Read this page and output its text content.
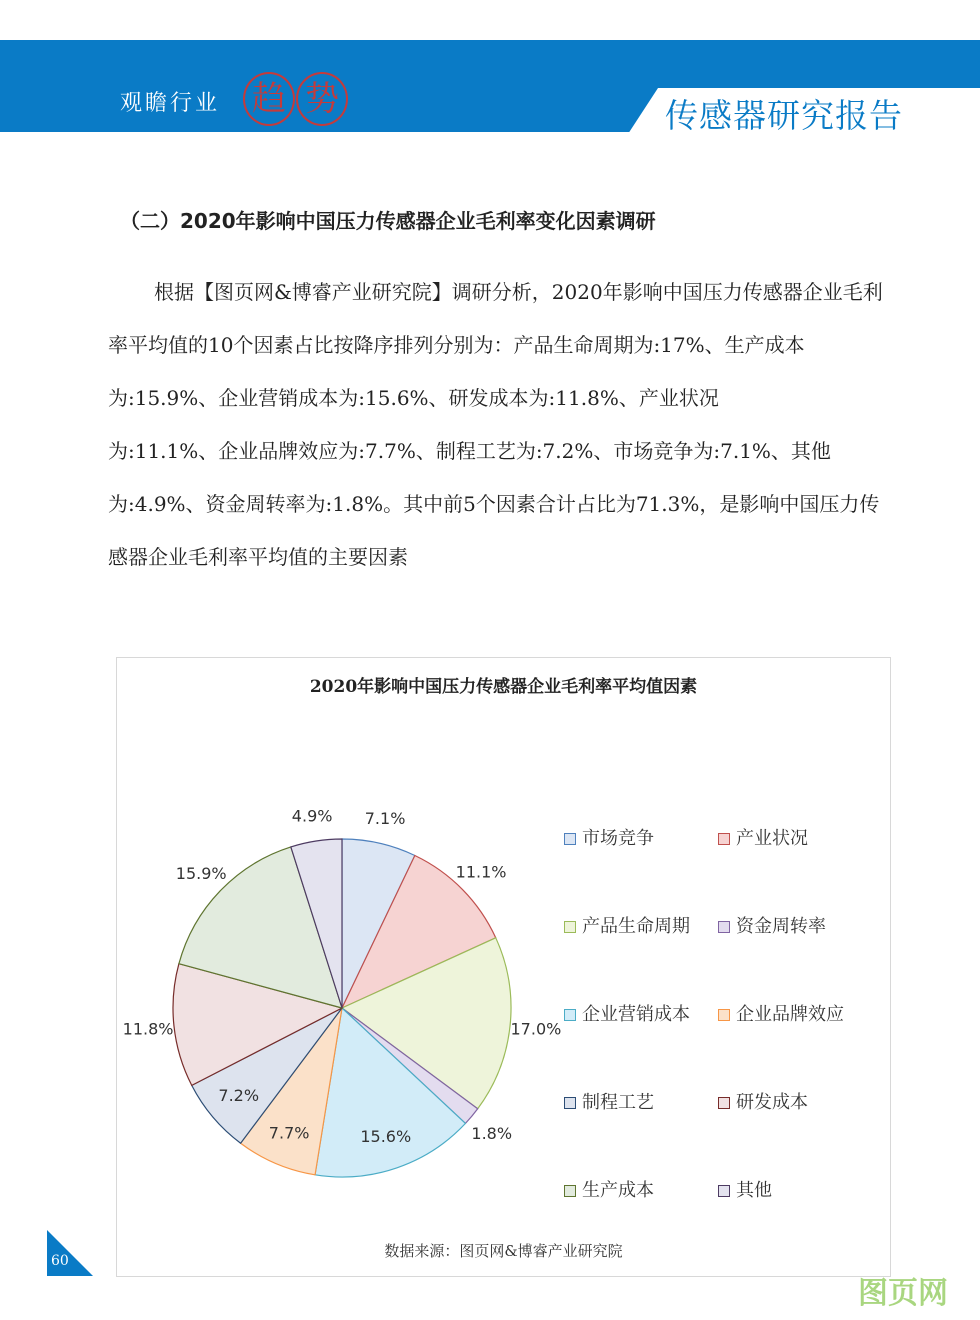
观瞻行业 趋 势	传感器研究报告
（二）2020年影响中国压力传感器企业毛利率变化因素调研

根据【图页网&博睿产业研究院】调研分析，2020年影响中国压力传感器企业毛利率平均值的10个因素占比按降序排列分别为：产品生命周期为:17%、生产成本为:15.9%、企业营销成本为:15.6%、研发成本为:11.8%、产业状况

为:11.1%、企业品牌效应为:7.7%、制程工艺为:7.2%、市场竞争为:7.1%、其他为:4.9%、资金周转率为:1.8%。其中前5个因素合计占比为71.3%，是影响中国压力传感器企业毛利率平均值的主要因素

2020年影响中国压力传感器企业毛利率平均值因素
7.1%
11.1%
17.0%
1.8%
15.6%
7.7%
7.2%
11.8%
15.9%
4.9%
市场竞争	产业状况
产品生命周期	资金周转率
企业营销成本	企业品牌效应
制程工艺	研发成本
生产成本	其他
数据来源：图页网&博睿产业研究院
60
图页网
